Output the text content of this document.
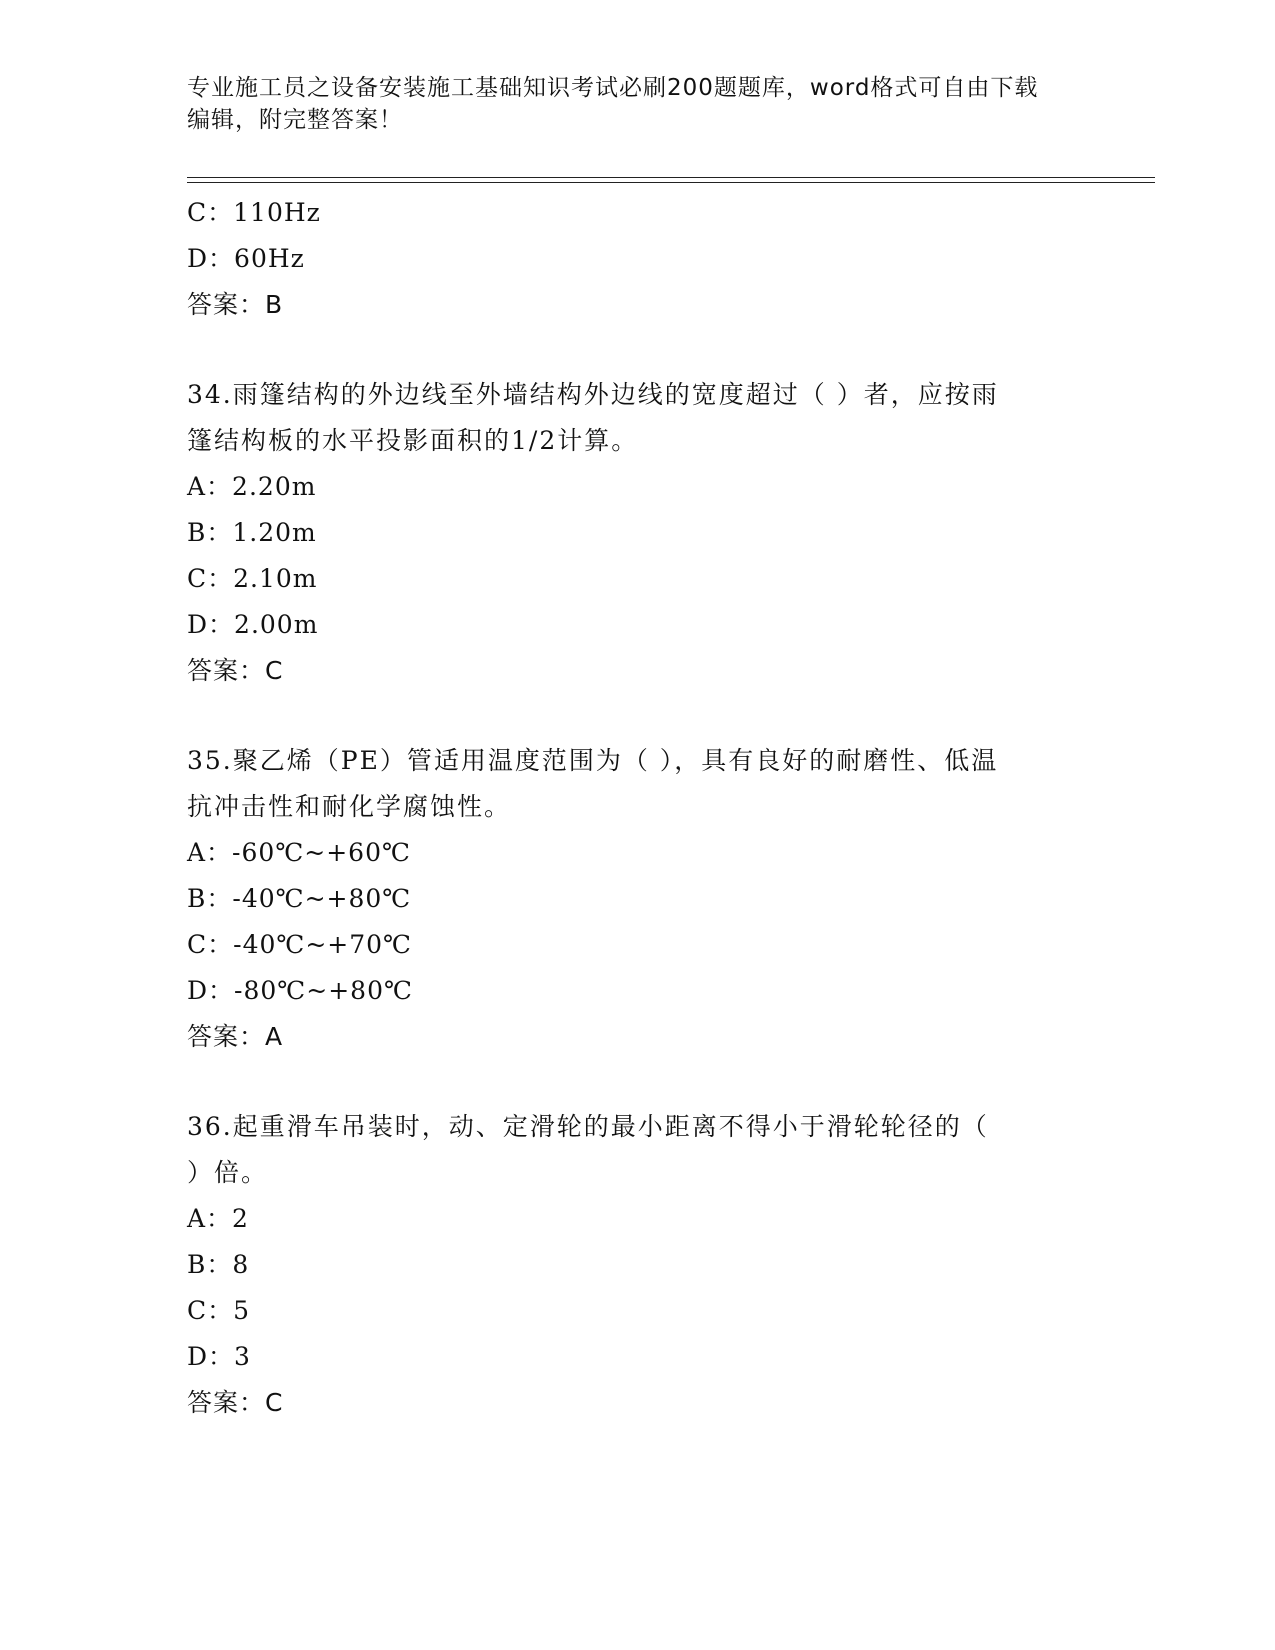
专业施工员之设备安装施工基础知识考试必刷200题题库，word格式可自由下载
编辑，附完整答案！
C：110Hz
D：60Hz
答案：B
34.雨篷结构的外边线至外墙结构外边线的宽度超过（ ）者，应按雨
篷结构板的水平投影面积的1/2计算。
A：2.20m
B：1.20m
C：2.10m
D：2.00m
答案：C
35.聚乙烯（PE）管适用温度范围为（ ），具有良好的耐磨性、低温
抗冲击性和耐化学腐蚀性。
A：-60℃~+60℃
B：-40℃~+80℃
C：-40℃~+70℃
D：-80℃~+80℃
答案：A
36.起重滑车吊装时，动、定滑轮的最小距离不得小于滑轮轮径的（
）倍。
A：2
B：8
C：5
D：3
答案：C
